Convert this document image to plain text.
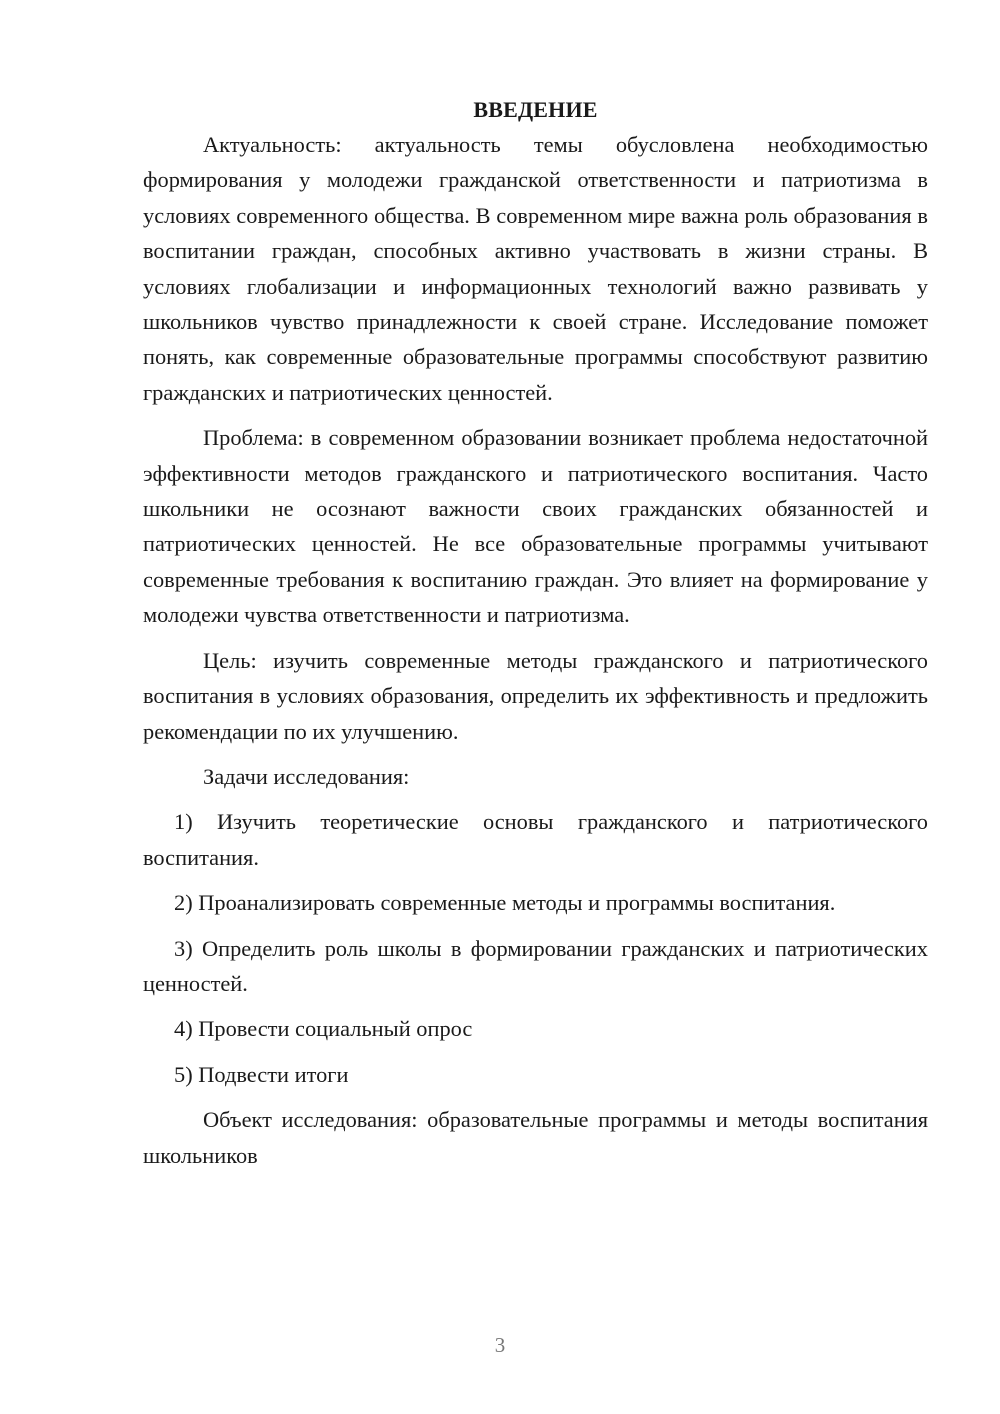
ВВЕДЕНИЕ

Актуальность: актуальность темы обусловлена необходимостью формирования у молодежи гражданской ответственности и патриотизма в условиях современного общества. В современном мире важна роль образования в воспитании граждан, способных активно участвовать в жизни страны. В условиях глобализации и информационных технологий важно развивать у школьников чувство принадлежности к своей стране. Исследование поможет понять, как современные образовательные программы способствуют развитию гражданских и патриотических ценностей.

Проблема: в современном образовании возникает проблема недостаточной эффективности методов гражданского и патриотического воспитания. Часто школьники не осознают важности своих гражданских обязанностей и патриотических ценностей. Не все образовательные программы учитывают современные требования к воспитанию граждан. Это влияет на формирование у молодежи чувства ответственности и патриотизма.

Цель: изучить современные методы гражданского и патриотического воспитания в условиях образования, определить их эффективность и предложить рекомендации по их улучшению.

Задачи исследования:

1) Изучить теоретические основы гражданского и патриотического воспитания.

2) Проанализировать современные методы и программы воспитания.

3) Определить роль школы в формировании гражданских и патриотических ценностей.

4) Провести социальный опрос

5) Подвести итоги

Объект исследования: образовательные программы и методы воспитания школьников

3
